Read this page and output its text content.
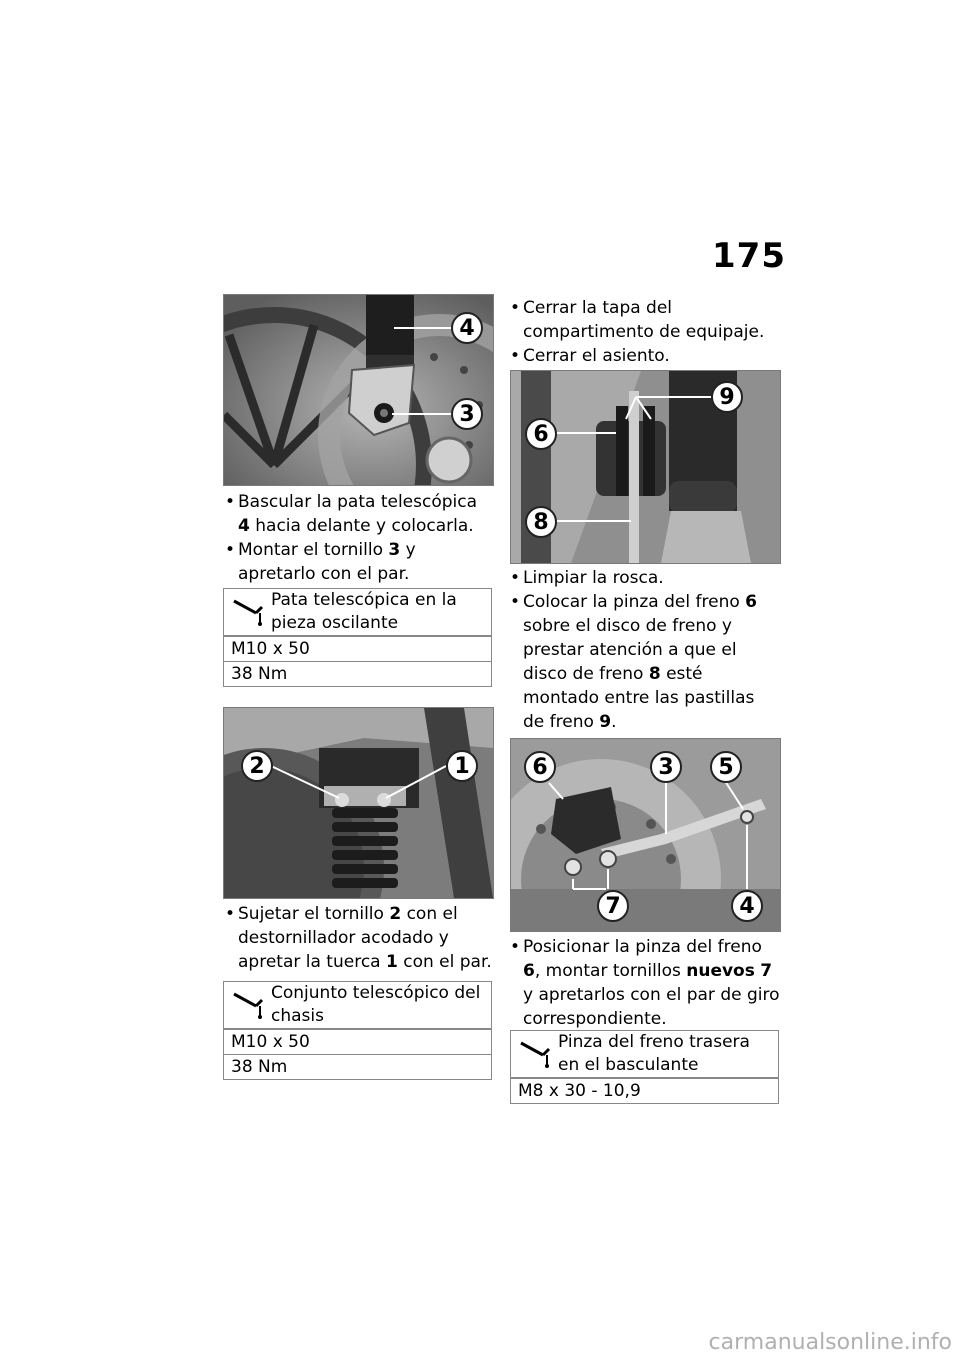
175
4
3
• Bascular la pata telescópica 4 hacia delante y colocarla.
• Montar el tornillo 3 y apretarlo con el par.
Pata telescópica en la pieza oscilante
M10 x 50
38 Nm
2	1
• Sujetar el tornillo 2 con el destornillador acodado y apretar la tuerca 1 con el par.
Conjunto telescópico del chasis
M10 x 50
38 Nm
• Cerrar la tapa del compartimento de equipaje.
• Cerrar el asiento.
9
6
8
• Limpiar la rosca.
• Colocar la pinza del freno 6 sobre el disco de freno y prestar atención a que el disco de freno 8 esté montado entre las pastillas de freno 9.
6	3	5
7	4
• Posicionar la pinza del freno 6, montar tornillos nuevos 7 y apretarlos con el par de giro correspondiente.
Pinza del freno trasera en el basculante
M8 x 30 - 10,9
carmanualsonline.info
